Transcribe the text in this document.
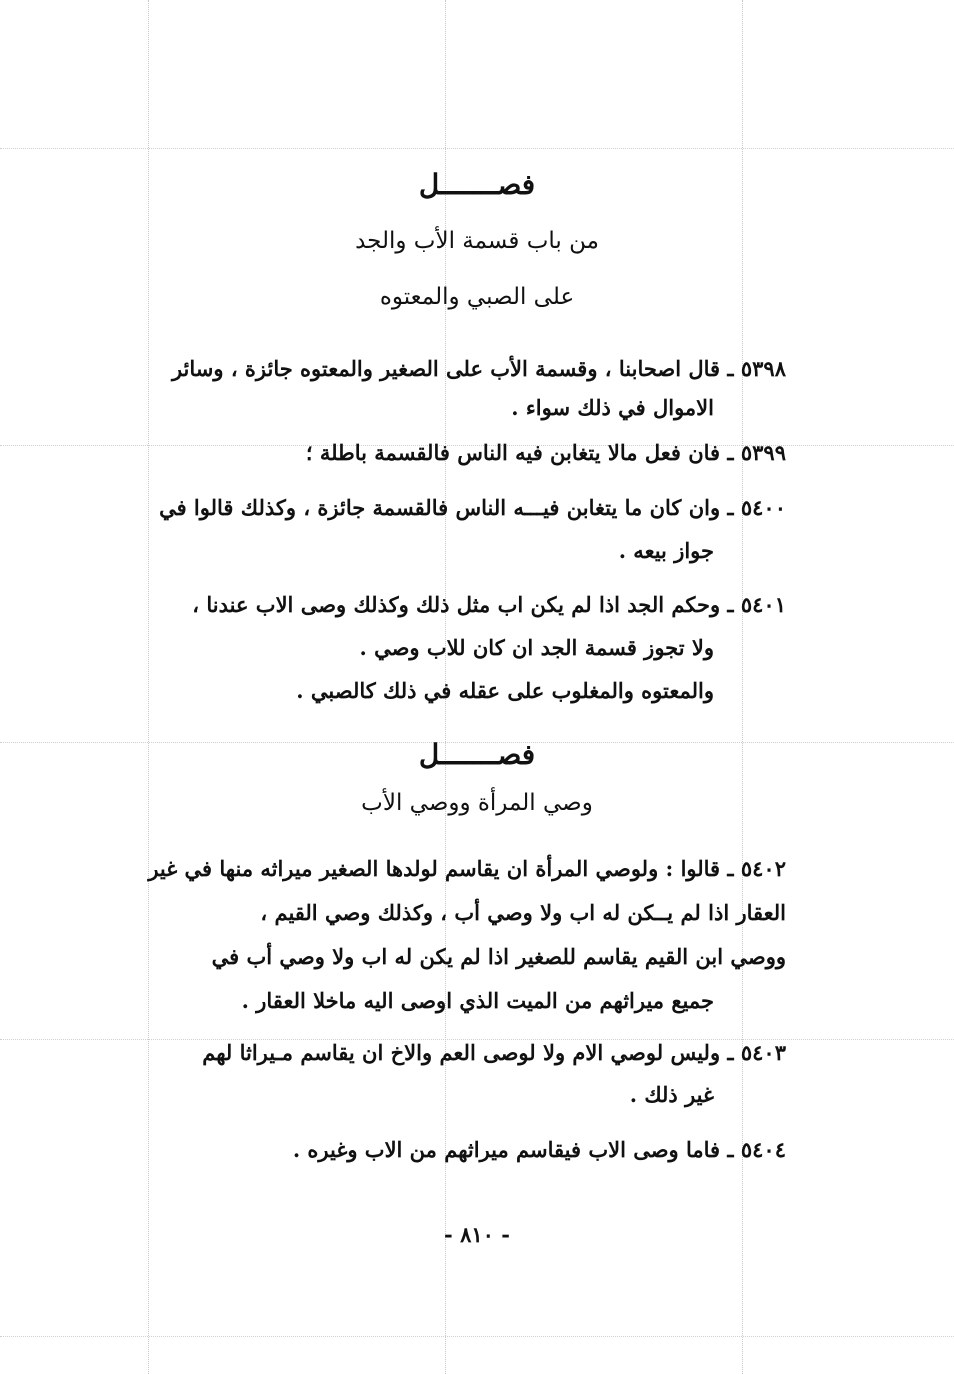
فصـــــــل
من باب قسمة الأب والجد
على الصبي والمعتوه
٥٣٩٨ ـ قال اصحابنا ، وقسمة الأب على الصغير والمعتوه جائزة ، وسائر
الاموال في ذلك سواء .
٥٣٩٩ ـ فان فعل مالا يتغابن فيه الناس فالقسمة باطلة ؛
٥٤٠٠ ـ وان كان ما يتغابن فيـــه الناس فالقسمة جائزة ، وكذلك قالوا في
جواز بيعه .
٥٤٠١ ـ وحكم الجد اذا لم يكن اب مثل ذلك وكذلك وصى الاب عندنا ،
ولا تجوز قسمة الجد ان كان للاب وصي .
والمعتوه والمغلوب على عقله في ذلك كالصبي .
فصـــــــل
وصي المرأة ووصي الأب
٥٤٠٢ ـ قالوا : ولوصي المرأة ان يقاسم لولدها الصغير ميراثه منها في غير
العقار اذا لم يــكن له اب ولا وصي أب ، وكذلك وصي القيم ،
ووصي ابن القيم يقاسم للصغير اذا لم يكن له اب ولا وصي أب في
جميع ميراثهم من الميت الذي اوصى اليه ماخلا العقار .
٥٤٠٣ ـ وليس لوصي الام ولا لوصى العم والاخ ان يقاسم مـيراثا لهم
غير ذلك .
٥٤٠٤ ـ فاما وصى الاب فيقاسم ميراثهم من الاب وغيره .
- ٨١٠ -
